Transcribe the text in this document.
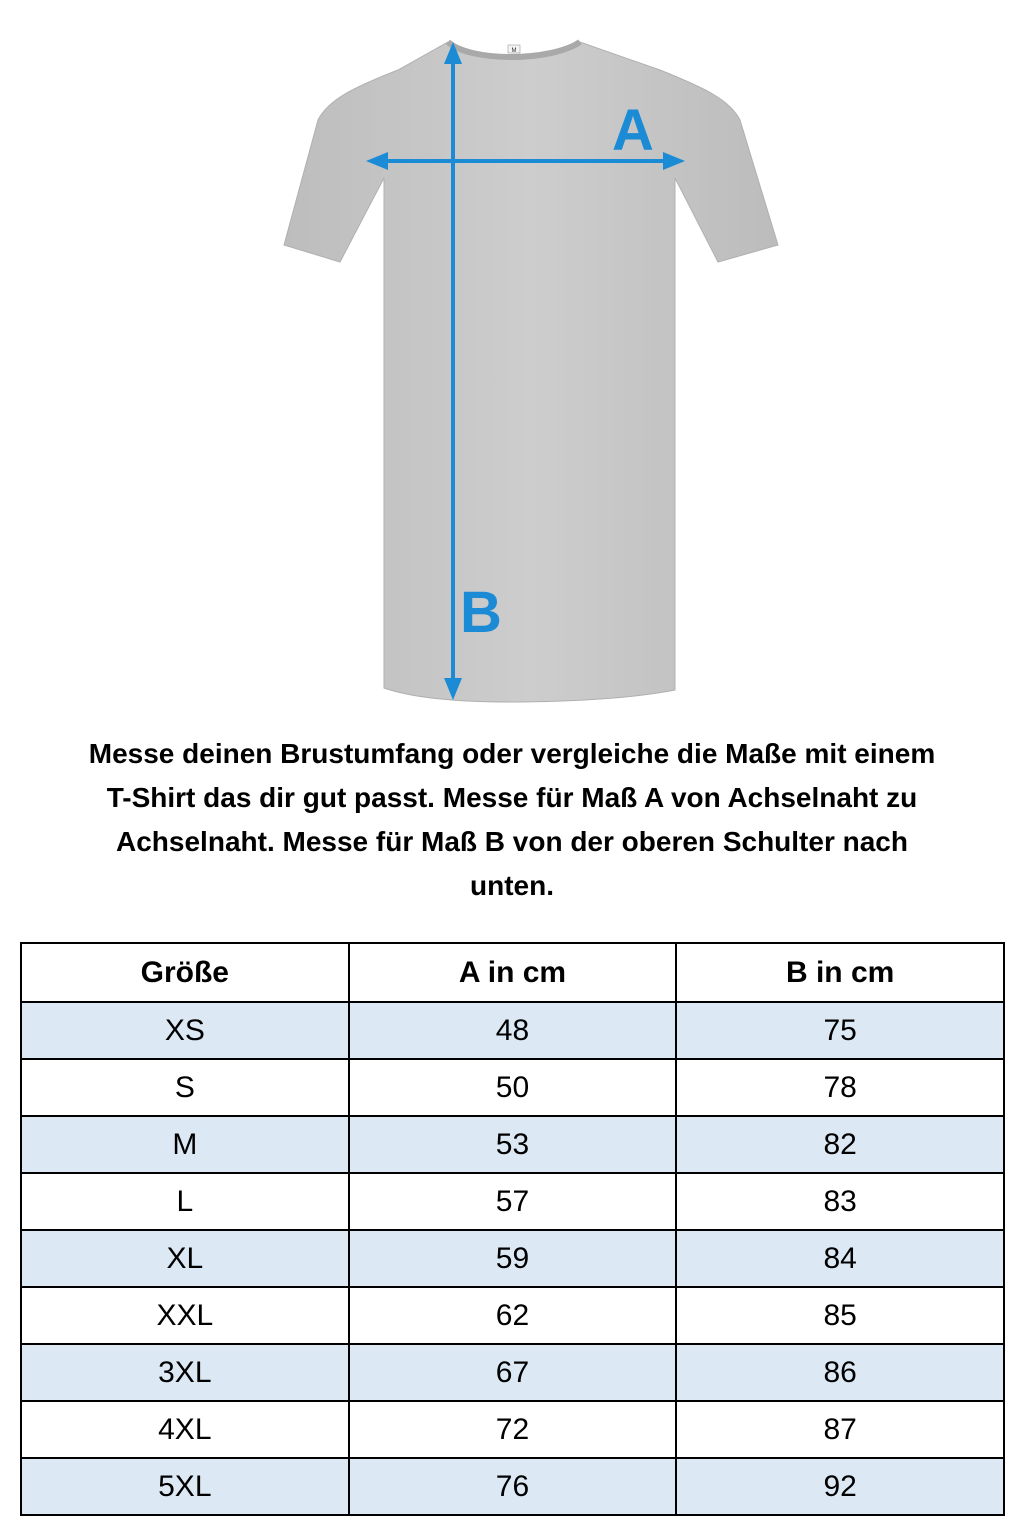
M
A
B
Messe deinen Brustumfang oder vergleiche die Maße mit einem
T-Shirt das dir gut passt. Messe für Maß A von Achselnaht zu
Achselnaht. Messe für Maß B von der oberen Schulter nach
unten.
Größe	A in cm	B in cm
XS	48	75
S	50	78
M	53	82
L	57	83
XL	59	84
XXL	62	85
3XL	67	86
4XL	72	87
5XL	76	92
